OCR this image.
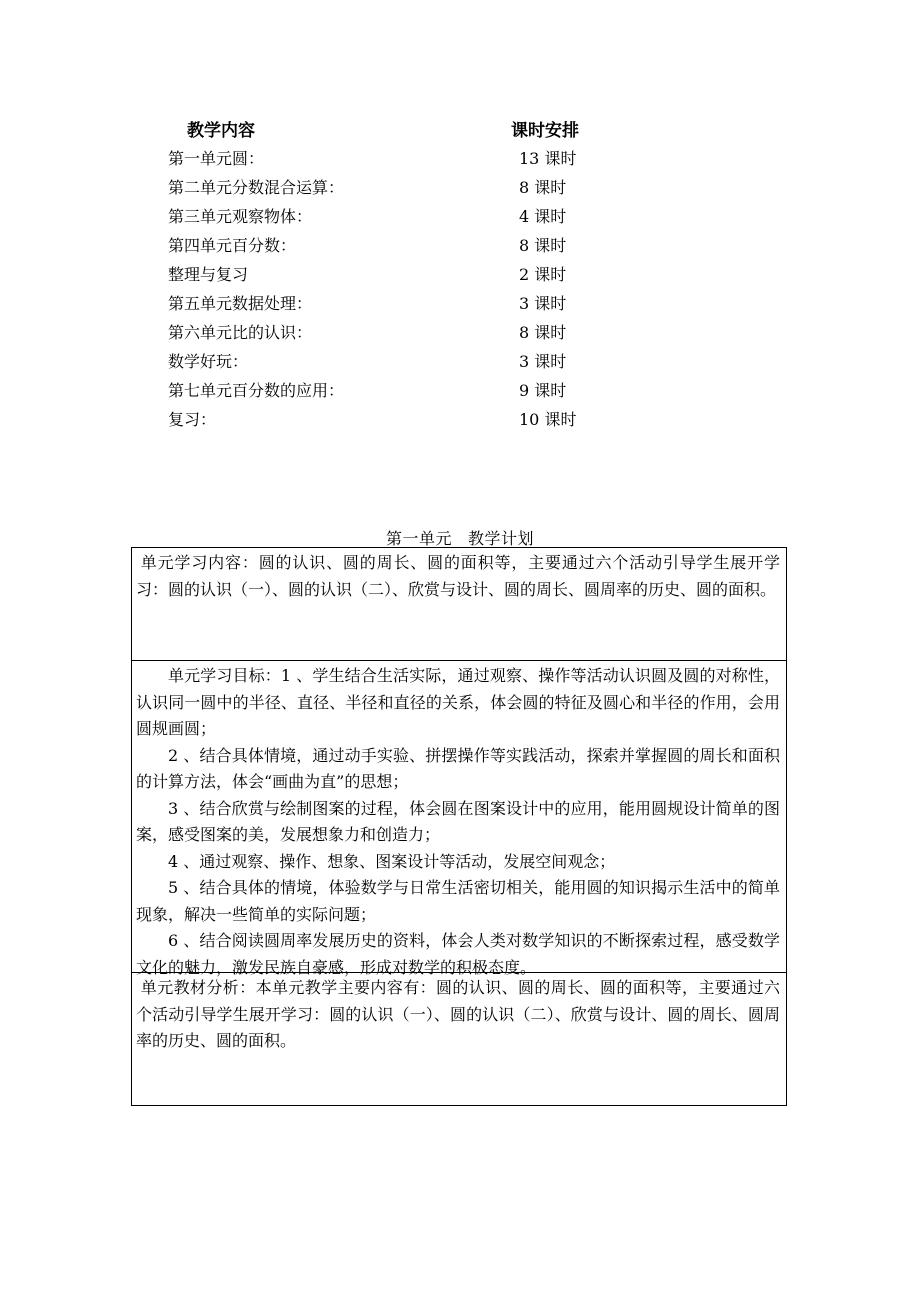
教学内容	课时安排
第一单元圆：	13 课时
第二单元分数混合运算：	8 课时
第三单元观察物体：	4 课时
第四单元百分数：	8 课时
整理与复习	2 课时
第五单元数据处理：	3 课时
第六单元比的认识：	8 课时
数学好玩：	3 课时
第七单元百分数的应用：	9 课时
复习：	10 课时
第一单元 教学计划

单元学习内容：圆的认识、圆的周长、圆的面积等，主要通过六个活动引导学生展开学习：圆的认识（一）、圆的认识（二）、欣赏与设计、圆的周长、圆周率的历史、圆的面积。

单元学习目标：1 、学生结合生活实际，通过观察、操作等活动认识圆及圆的对称性，认识同一圆中的半径、直径、半径和直径的关系，体会圆的特征及圆心和半径的作用，会用圆规画圆；

2 、结合具体情境，通过动手实验、拼摆操作等实践活动，探索并掌握圆的周长和面积的计算方法，体会“画曲为直”的思想；

3 、结合欣赏与绘制图案的过程，体会圆在图案设计中的应用，能用圆规设计简单的图案，感受图案的美，发展想象力和创造力；

4 、通过观察、操作、想象、图案设计等活动，发展空间观念；

5 、结合具体的情境，体验数学与日常生活密切相关，能用圆的知识揭示生活中的简单现象，解决一些简单的实际问题；

6 、结合阅读圆周率发展历史的资料，体会人类对数学知识的不断探索过程，感受数学文化的魅力，激发民族自豪感，形成对数学的积极态度。

单元教材分析：本单元教学主要内容有：圆的认识、圆的周长、圆的面积等，主要通过六个活动引导学生展开学习：圆的认识（一）、圆的认识（二）、欣赏与设计、圆的周长、圆周率的历史、圆的面积。
